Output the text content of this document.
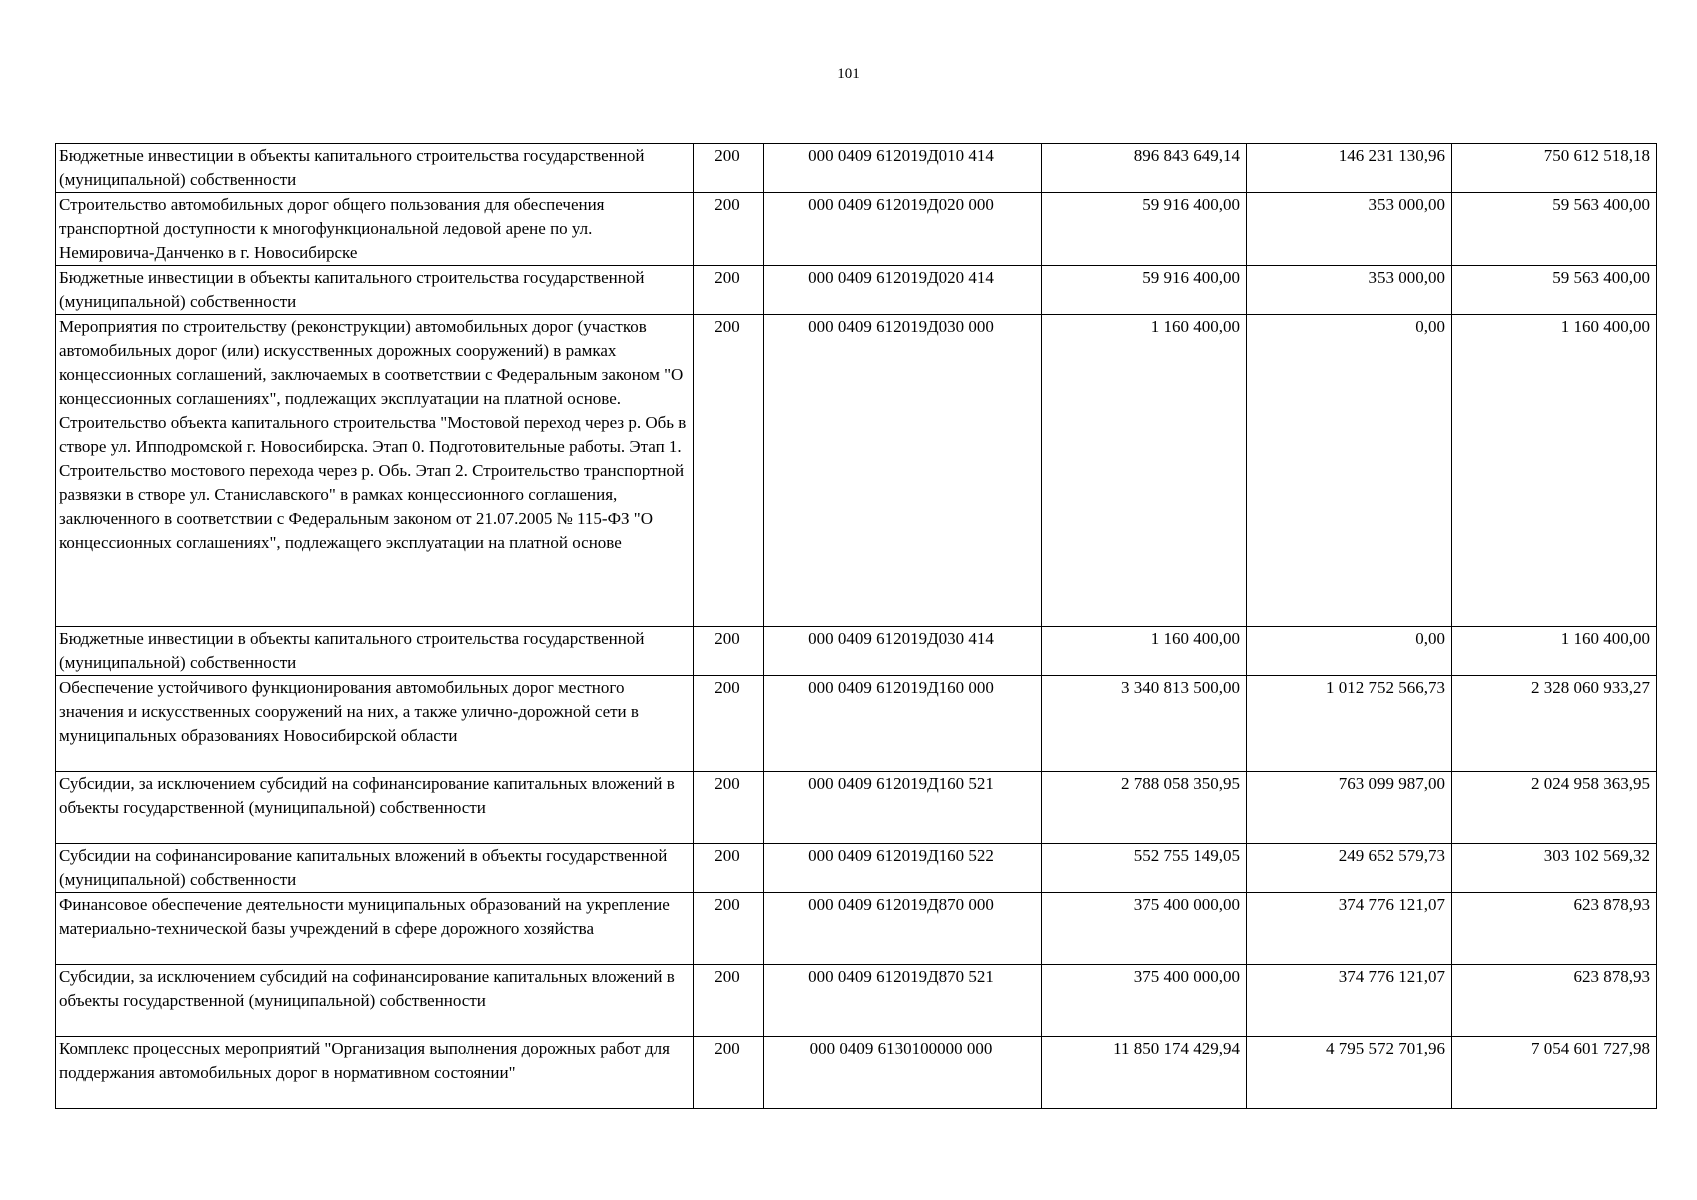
101
Бюджетные инвестиции в объекты капитального строительства государственной (муниципальной) собственности	200	000 0409 612019Д010 414	896 843 649,14	146 231 130,96	750 612 518,18
Строительство автомобильных дорог общего пользования для обеспечения транспортной доступности к многофункциональной ледовой арене по ул. Немировича-Данченко в г. Новосибирске	200	000 0409 612019Д020 000	59 916 400,00	353 000,00	59 563 400,00
Бюджетные инвестиции в объекты капитального строительства государственной (муниципальной) собственности	200	000 0409 612019Д020 414	59 916 400,00	353 000,00	59 563 400,00
Мероприятия по строительству (реконструкции) автомобильных дорог (участков автомобильных дорог (или) искусственных дорожных сооружений) в рамках концессионных соглашений, заключаемых в соответствии с Федеральным законом "О концессионных соглашениях", подлежащих эксплуатации на платной основе. Строительство объекта капитального строительства "Мостовой переход через р. Обь в створе ул. Ипподромской г. Новосибирска. Этап 0. Подготовительные работы. Этап 1. Строительство мостового перехода через р. Обь. Этап 2. Строительство транспортной развязки в створе ул. Станиславского" в рамках концессионного соглашения, заключенного в соответствии с Федеральным законом от 21.07.2005 № 115-ФЗ "О концессионных соглашениях", подлежащего эксплуатации на платной основе	200	000 0409 612019Д030 000	1 160 400,00	0,00	1 160 400,00
Бюджетные инвестиции в объекты капитального строительства государственной (муниципальной) собственности	200	000 0409 612019Д030 414	1 160 400,00	0,00	1 160 400,00
Обеспечение устойчивого функционирования автомобильных дорог местного значения и искусственных сооружений на них, а также улично-дорожной сети в муниципальных образованиях Новосибирской области	200	000 0409 612019Д160 000	3 340 813 500,00	1 012 752 566,73	2 328 060 933,27
Субсидии, за исключением субсидий на софинансирование капитальных вложений в объекты государственной (муниципальной) собственности	200	000 0409 612019Д160 521	2 788 058 350,95	763 099 987,00	2 024 958 363,95
Субсидии на софинансирование капитальных вложений в объекты государственной (муниципальной) собственности	200	000 0409 612019Д160 522	552 755 149,05	249 652 579,73	303 102 569,32
Финансовое обеспечение деятельности муниципальных образований на укрепление материально-технической базы учреждений в сфере дорожного хозяйства	200	000 0409 612019Д870 000	375 400 000,00	374 776 121,07	623 878,93
Субсидии, за исключением субсидий на софинансирование капитальных вложений в объекты государственной (муниципальной) собственности	200	000 0409 612019Д870 521	375 400 000,00	374 776 121,07	623 878,93
Комплекс процессных мероприятий "Организация выполнения дорожных работ для поддержания автомобильных дорог в нормативном состоянии"	200	000 0409 6130100000 000	11 850 174 429,94	4 795 572 701,96	7 054 601 727,98
